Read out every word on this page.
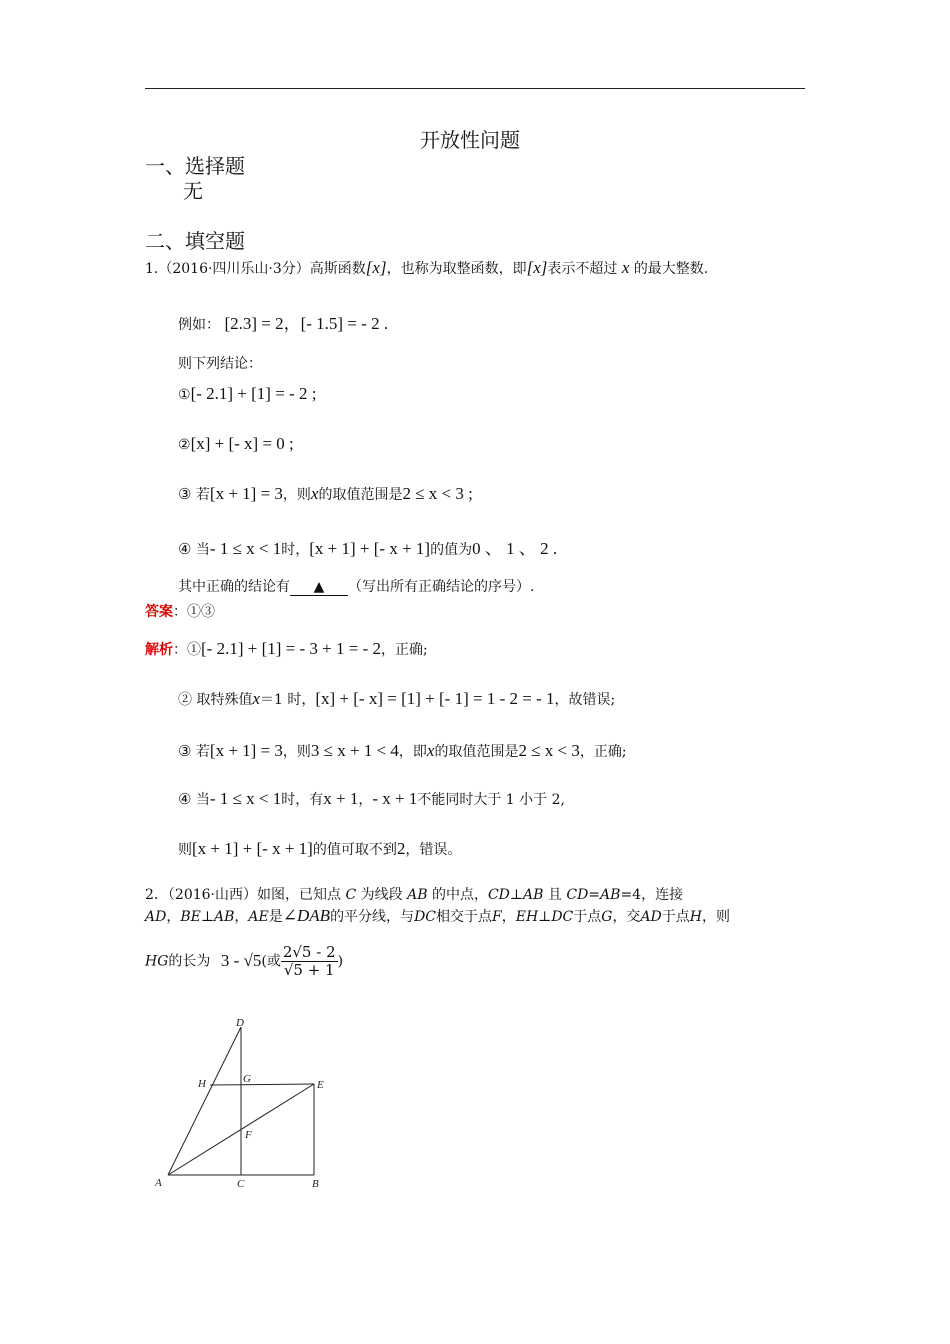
开放性问题
一、选择题
无
二、填空题
1.（2016·四川乐山·3分）高斯函数[x]，也称为取整函数，即[x]表示不超过 x 的最大整数.
例如： [2.3] = 2，[- 1.5] = - 2 .
则下列结论：
①[- 2.1] + [1] = - 2 ;
②[x] + [- x] = 0 ;
③ 若[x + 1] = 3，则x的取值范围是2 ≤ x < 3 ;
④ 当- 1 ≤ x < 1时，[x + 1] + [- x + 1]的值为0 、 1 、 2 .
其中正确的结论有 ▲ （写出所有正确结论的序号）.
答案：①③
解析：①[- 2.1] + [1] = - 3 + 1 = - 2，正确;
② 取特殊值x＝1 时，[x] + [- x] = [1] + [- 1] = 1 - 2 = - 1，故错误;
③ 若[x + 1] = 3，则3 ≤ x + 1 < 4，即x的取值范围是2 ≤ x < 3，正确;
④ 当- 1 ≤ x < 1时，有x + 1，- x + 1不能同时大于 1 小于 2,
则[x + 1] + [- x + 1]的值可取不到2，错误。
2．（2016·山西）如图，已知点 C 为线段 AB 的中点，CD⊥AB 且 CD=AB=4，连接
AD，BE⊥AB，AE是∠DAB的平分线，与DC相交于点F，EH⊥DC于点G，交AD于点H，则
HG的长为 3 - √5(或 $\frac{2√5 - 2}{√5 + 1}$ )
D
H	G	E
F
A	C	B
